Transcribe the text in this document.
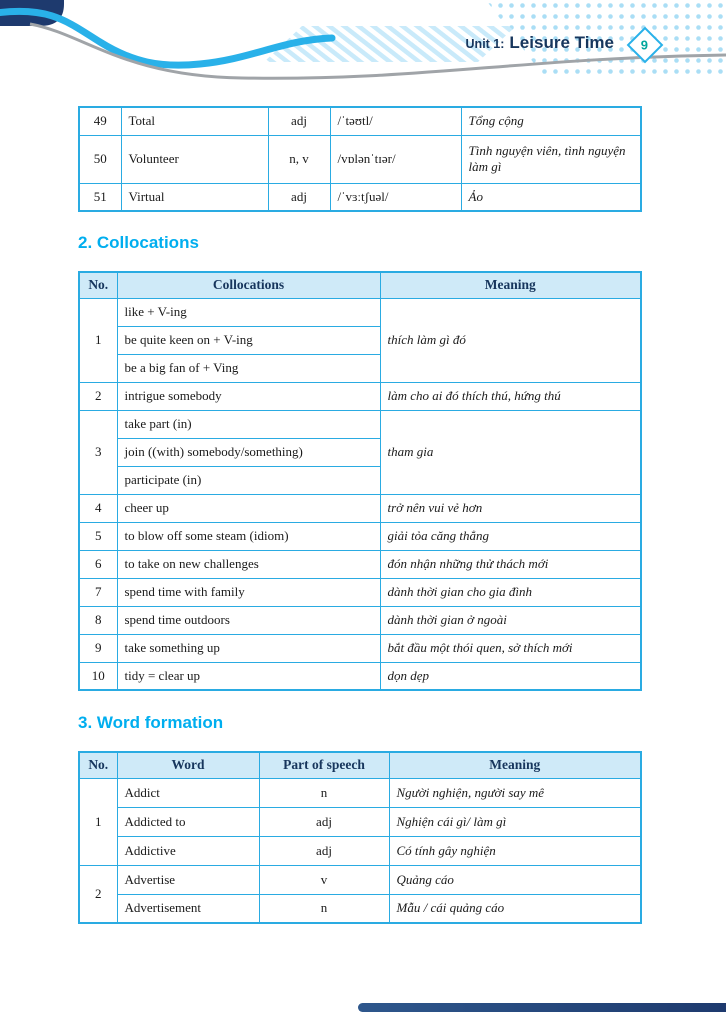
Unit 1: Leisure Time 9
49	Total	adj	/ˈtəʊtl/	Tổng cộng
50	Volunteer	n, v	/vɒlənˈtɪər/	Tình nguyện viên, tình nguyện làm gì
51	Virtual	adj	/ˈvɜːtʃuəl/	Ảo
2. Collocations
No.	Collocations	Meaning
1	like + V-ing	thích làm gì đó
	be quite keen on + V-ing	
	be a big fan of + Ving	
2	intrigue somebody	làm cho ai đó thích thú, hứng thú
3	take part (in)	tham gia
	join ((with) somebody/something)	
	participate (in)	
4	cheer up	trở nên vui vẻ hơn
5	to blow off some steam (idiom)	giải tỏa căng thẳng
6	to take on new challenges	đón nhận những thử thách mới
7	spend time with family	dành thời gian cho gia đình
8	spend time outdoors	dành thời gian ở ngoài
9	take something up	bắt đầu một thói quen, sở thích mới
10	tidy = clear up	dọn dẹp
3. Word formation
No.	Word	Part of speech	Meaning
1	Addict	n	Người nghiện, người say mê
	Addicted to	adj	Nghiện cái gì/ làm gì
	Addictive	adj	Có tính gây nghiện
2	Advertise	v	Quảng cáo
	Advertisement	n	Mẫu / cái quảng cáo
